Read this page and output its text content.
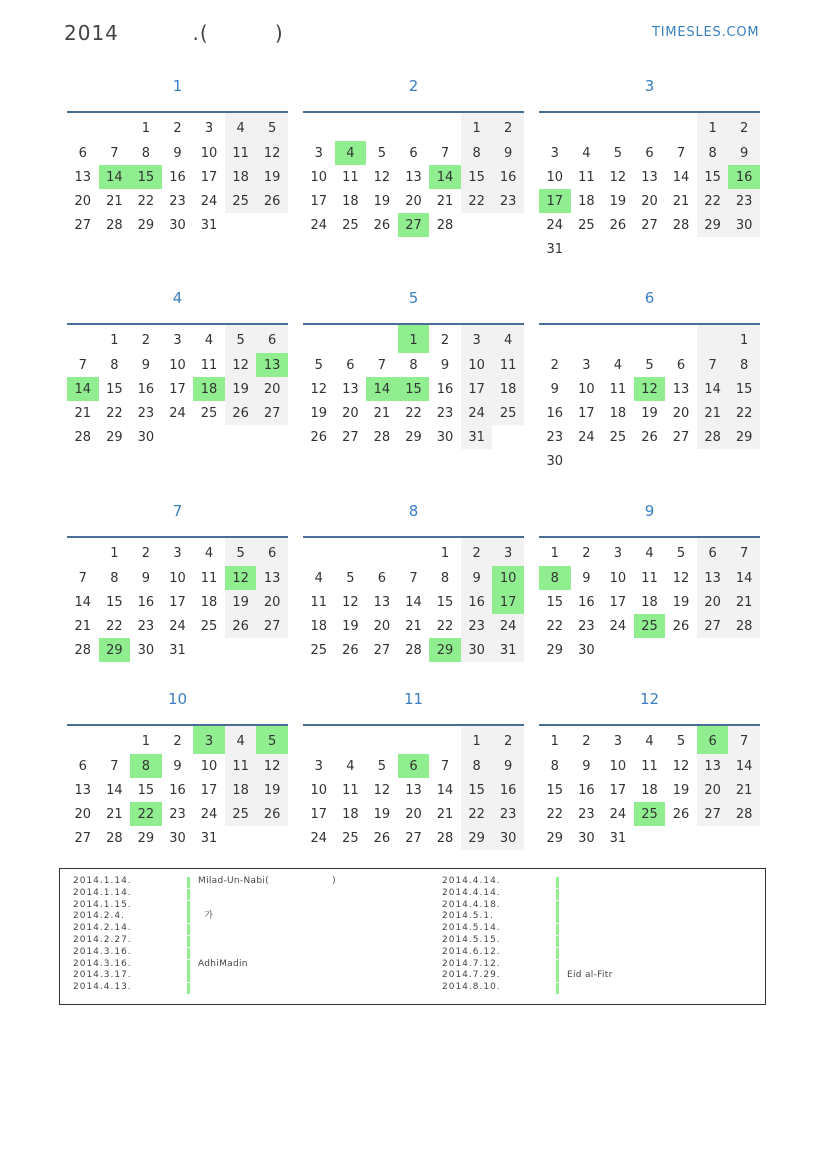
2014          .(         )	TIMESLES.COM
1
		1	2	3	4	5
6	7	8	9	10	11	12
13	14	15	16	17	18	19
20	21	22	23	24	25	26
27	28	29	30	31		
2
					1	2
3	4	5	6	7	8	9
10	11	12	13	14	15	16
17	18	19	20	21	22	23
24	25	26	27	28		
3
					1	2
3	4	5	6	7	8	9
10	11	12	13	14	15	16
17	18	19	20	21	22	23
24	25	26	27	28	29	30
31						
4
	1	2	3	4	5	6
7	8	9	10	11	12	13
14	15	16	17	18	19	20
21	22	23	24	25	26	27
28	29	30				
5
			1	2	3	4
5	6	7	8	9	10	11
12	13	14	15	16	17	18
19	20	21	22	23	24	25
26	27	28	29	30	31	
6
						1
2	3	4	5	6	7	8
9	10	11	12	13	14	15
16	17	18	19	20	21	22
23	24	25	26	27	28	29
30						
7
	1	2	3	4	5	6
7	8	9	10	11	12	13
14	15	16	17	18	19	20
21	22	23	24	25	26	27
28	29	30	31			
8
				1	2	3
4	5	6	7	8	9	10
11	12	13	14	15	16	17
18	19	20	21	22	23	24
25	26	27	28	29	30	31
9
1	2	3	4	5	6	7
8	9	10	11	12	13	14
15	16	17	18	19	20	21
22	23	24	25	26	27	28
29	30					
10
		1	2	3	4	5
6	7	8	9	10	11	12
13	14	15	16	17	18	19
20	21	22	23	24	25	26
27	28	29	30	31		
11
					1	2
3	4	5	6	7	8	9
10	11	12	13	14	15	16
17	18	19	20	21	22	23
24	25	26	27	28	29	30
12
1	2	3	4	5	6	7
8	9	10	11	12	13	14
15	16	17	18	19	20	21
22	23	24	25	26	27	28
29	30	31				
2014.1.14.	Milad-Un-Nabi(                    )
2014.1.14.
2014.1.15.
2014.2.4.	가
2014.2.14.
2014.2.27.
2014.3.16.
2014.3.16.	AdhiMadin
2014.3.17.
2014.4.13.
2014.4.14.
2014.4.14.
2014.4.18.
2014.5.1.
2014.5.14.
2014.5.15.
2014.6.12.
2014.7.12.
2014.7.29.	Eid al-Fitr
2014.8.10.
